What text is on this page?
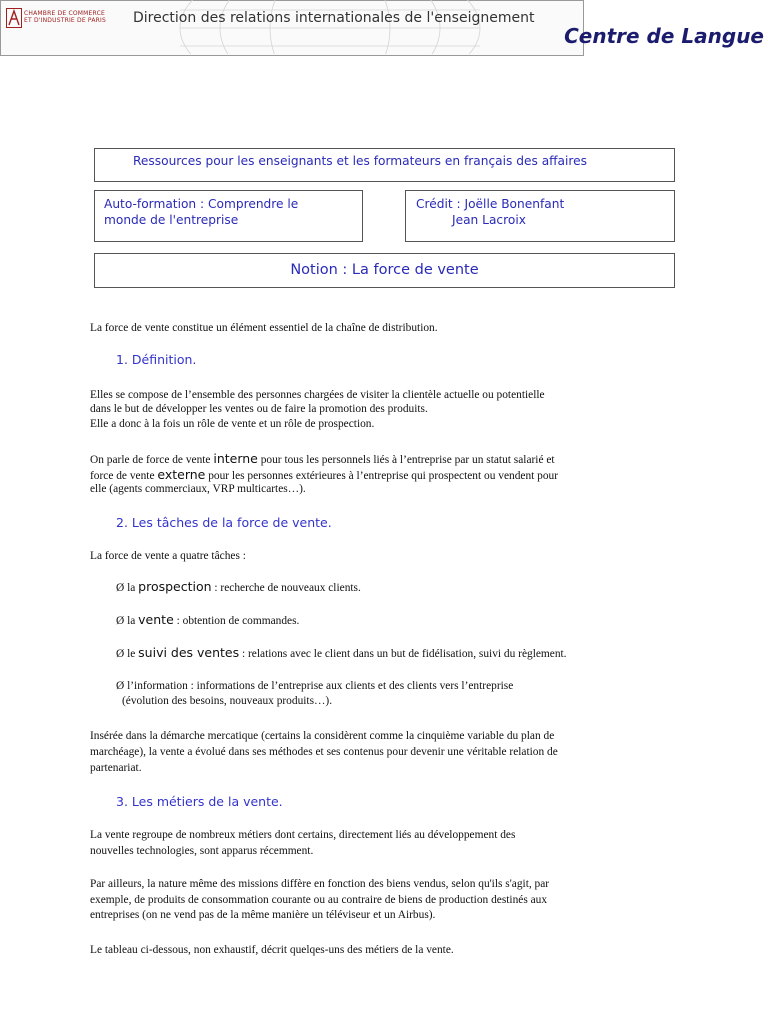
CHAMBRE DE COMMERCE
ET D'INDUSTRIE DE PARIS Direction des relations internationales de l'enseignement
Centre de Langue
Ressources pour les enseignants et les formateurs en français des affaires
Auto-formation : Comprendre le
monde de l'entreprise
Crédit : Joëlle Bonenfant
Jean Lacroix
Notion : La force de vente
La force de vente constitue un élément essentiel de la chaîne de distribution.
1. Définition.
Elles se compose de l’ensemble des personnes chargées de visiter la clientèle actuelle ou potentielle
dans le but de développer les ventes ou de faire la promotion des produits.
Elle a donc à la fois un rôle de vente et un rôle de prospection.
On parle de force de vente interne pour tous les personnels liés à l’entreprise par un statut salarié et
force de vente externe pour les personnes extérieures à l’entreprise qui prospectent ou vendent pour
elle (agents commerciaux, VRP multicartes…).
2. Les tâches de la force de vente.
La force de vente a quatre tâches :
Ø la prospection : recherche de nouveaux clients.
Ø la vente : obtention de commandes.
Ø le suivi des ventes : relations avec le client dans un but de fidélisation, suivi du règlement.
Ø l’information : informations de l’entreprise aux clients et des clients vers l’entreprise
(évolution des besoins, nouveaux produits…).
Insérée dans la démarche mercatique (certains la considèrent comme la cinquième variable du plan de
marchéage), la vente a évolué dans ses méthodes et ses contenus pour devenir une véritable relation de
partenariat.
3. Les métiers de la vente.
La vente regroupe de nombreux métiers dont certains, directement liés au développement des
nouvelles technologies, sont apparus récemment.
Par ailleurs, la nature même des missions diffère en fonction des biens vendus, selon qu'ils s'agit, par
exemple, de produits de consommation courante ou au contraire de biens de production destinés aux
entreprises (on ne vend pas de la même manière un téléviseur et un Airbus).
Le tableau ci-dessous, non exhaustif, décrit quelqes-uns des métiers de la vente.
